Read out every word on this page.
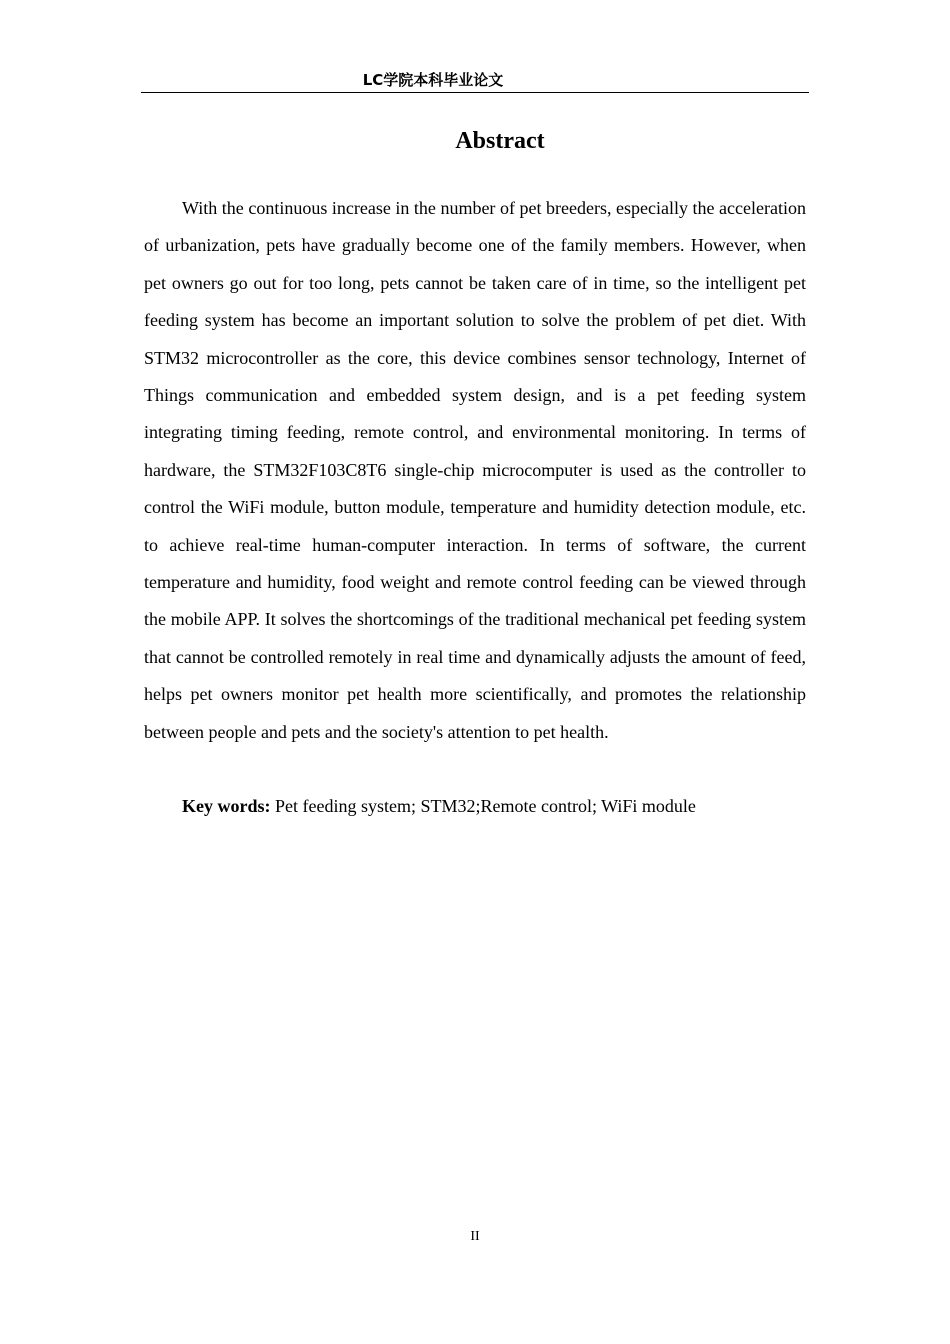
LC学院本科毕业论文
Abstract

With the continuous increase in the number of pet breeders, especially the acceleration of urbanization, pets have gradually become one of the family members. However, when pet owners go out for too long, pets cannot be taken care of in time, so the intelligent pet feeding system has become an important solution to solve the problem of pet diet. With STM32 microcontroller as the core, this device combines sensor technology, Internet of Things communication and embedded system design, and is a pet feeding system integrating timing feeding, remote control, and environmental monitoring. In terms of hardware, the STM32F103C8T6 single-chip microcomputer is used as the controller to control the WiFi module, button module, temperature and humidity detection module, etc. to achieve real-time human-computer interaction. In terms of software, the current temperature and humidity, food weight and remote control feeding can be viewed through the mobile APP. It solves the shortcomings of the traditional mechanical pet feeding system that cannot be controlled remotely in real time and dynamically adjusts the amount of feed, helps pet owners monitor pet health more scientifically, and promotes the relationship between people and pets and the society's attention to pet health.

Key words: Pet feeding system; STM32;Remote control; WiFi module

II
